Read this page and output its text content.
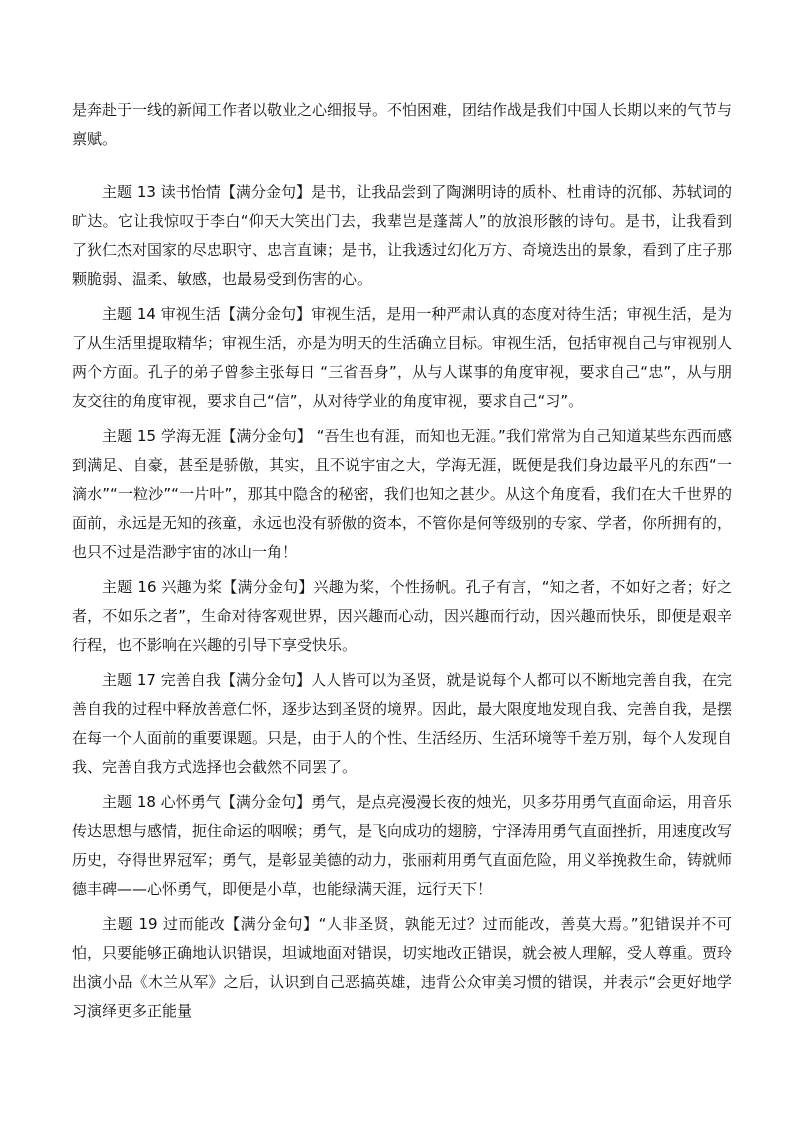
是奔赴于一线的新闻工作者以敬业之心细报导。不怕困难，团结作战是我们中国人长期以来的气节与禀赋。

主题 13 读书怡情【满分金句】是书，让我品尝到了陶渊明诗的质朴、杜甫诗的沉郁、苏轼词的旷达。它让我惊叹于李白“仰天大笑出门去，我辈岂是蓬蒿人”的放浪形骸的诗句。是书，让我看到了狄仁杰对国家的尽忠职守、忠言直谏；是书，让我透过幻化万方、奇境迭出的景象，看到了庄子那颗脆弱、温柔、敏感，也最易受到伤害的心。

主题 14 审视生活【满分金句】审视生活，是用一种严肃认真的态度对待生活；审视生活，是为了从生活里提取精华；审视生活，亦是为明天的生活确立目标。审视生活，包括审视自己与审视别人两个方面。孔子的弟子曾参主张每日 “三省吾身”，从与人谋事的角度审视，要求自己“忠”，从与朋友交往的角度审视，要求自己“信”，从对待学业的角度审视，要求自己“习”。

主题 15 学海无涯【满分金句】 “吾生也有涯，而知也无涯。”我们常常为自己知道某些东西而感到满足、自豪，甚至是骄傲，其实，且不说宇宙之大，学海无涯，既便是我们身边最平凡的东西“一滴水”“一粒沙”“一片叶”，那其中隐含的秘密，我们也知之甚少。从这个角度看，我们在大千世界的面前，永远是无知的孩童，永远也没有骄傲的资本，不管你是何等级别的专家、学者，你所拥有的，也只不过是浩渺宇宙的冰山一角！

主题 16 兴趣为桨【满分金句】兴趣为桨，个性扬帆。孔子有言，“知之者，不如好之者；好之者，不如乐之者”，生命对待客观世界，因兴趣而心动，因兴趣而行动，因兴趣而快乐，即便是艰辛行程，也不影响在兴趣的引导下享受快乐。

主题 17 完善自我【满分金句】人人皆可以为圣贤，就是说每个人都可以不断地完善自我，在完善自我的过程中释放善意仁怀，逐步达到圣贤的境界。因此，最大限度地发现自我、完善自我，是摆在每一个人面前的重要课题。只是，由于人的个性、生活经历、生活环境等千差万别，每个人发现自我、完善自我方式选择也会截然不同罢了。

主题 18 心怀勇气【满分金句】勇气，是点亮漫漫长夜的烛光，贝多芬用勇气直面命运，用音乐传达思想与感情，扼住命运的咽喉；勇气，是飞向成功的翅膀，宁泽涛用勇气直面挫折，用速度改写历史，夺得世界冠军；勇气，是彰显美德的动力，张丽莉用勇气直面危险，用义举挽救生命，铸就师德丰碑——心怀勇气，即便是小草，也能绿满天涯，远行天下！

主题 19 过而能改【满分金句】“人非圣贤，孰能无过？过而能改，善莫大焉。”犯错误并不可怕，只要能够正确地认识错误，坦诚地面对错误，切实地改正错误，就会被人理解，受人尊重。贾玲出演小品《木兰从军》之后，认识到自己恶搞英雄，违背公众审美习惯的错误，并表示“会更好地学习演绎更多正能量
